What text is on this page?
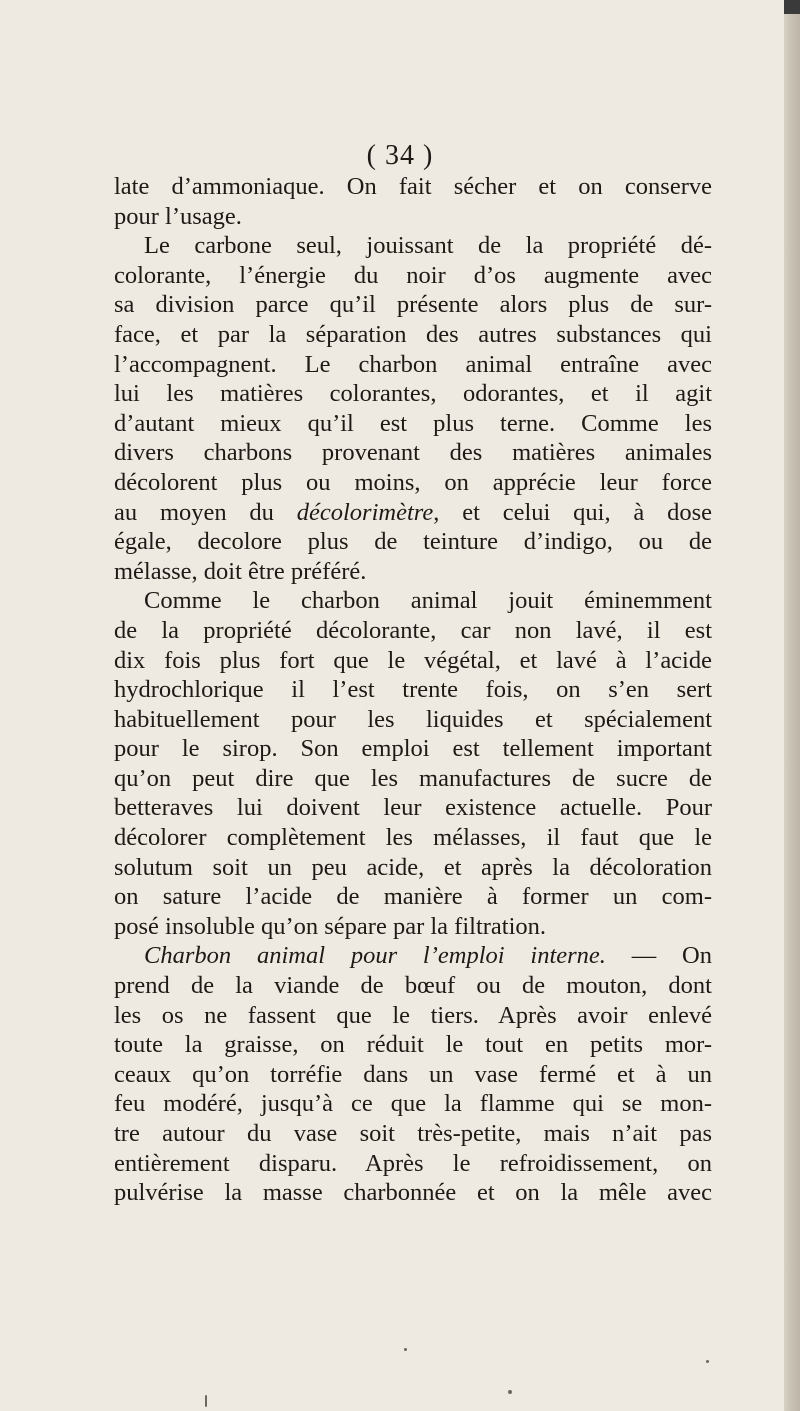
( 34 )
late d’ammoniaque. On fait sécher et on conserve
pour l’usage.
Le carbone seul, jouissant de la propriété dé-
colorante, l’énergie du noir d’os augmente avec
sa division parce qu’il présente alors plus de sur-
face, et par la séparation des autres substances qui
l’accompagnent. Le charbon animal entraîne avec
lui les matières colorantes, odorantes, et il agit
d’autant mieux qu’il est plus terne. Comme les
divers charbons provenant des matières animales
décolorent plus ou moins, on apprécie leur force
au moyen du décolorimètre, et celui qui, à dose
égale, decolore plus de teinture d’indigo, ou de
mélasse, doit être préféré.
Comme le charbon animal jouit éminemment
de la propriété décolorante, car non lavé, il est
dix fois plus fort que le végétal, et lavé à l’acide
hydrochlorique il l’est trente fois, on s’en sert
habituellement pour les liquides et spécialement
pour le sirop. Son emploi est tellement important
qu’on peut dire que les manufactures de sucre de
betteraves lui doivent leur existence actuelle. Pour
décolorer complètement les mélasses, il faut que le
solutum soit un peu acide, et après la décoloration
on sature l’acide de manière à former un com-
posé insoluble qu’on sépare par la filtration.
Charbon animal pour l’emploi interne. — On
prend de la viande de bœuf ou de mouton, dont
les os ne fassent que le tiers. Après avoir enlevé
toute la graisse, on réduit le tout en petits mor-
ceaux qu’on torréfie dans un vase fermé et à un
feu modéré, jusqu’à ce que la flamme qui se mon-
tre autour du vase soit très-petite, mais n’ait pas
entièrement disparu. Après le refroidissement, on
pulvérise la masse charbonnée et on la mêle avec
